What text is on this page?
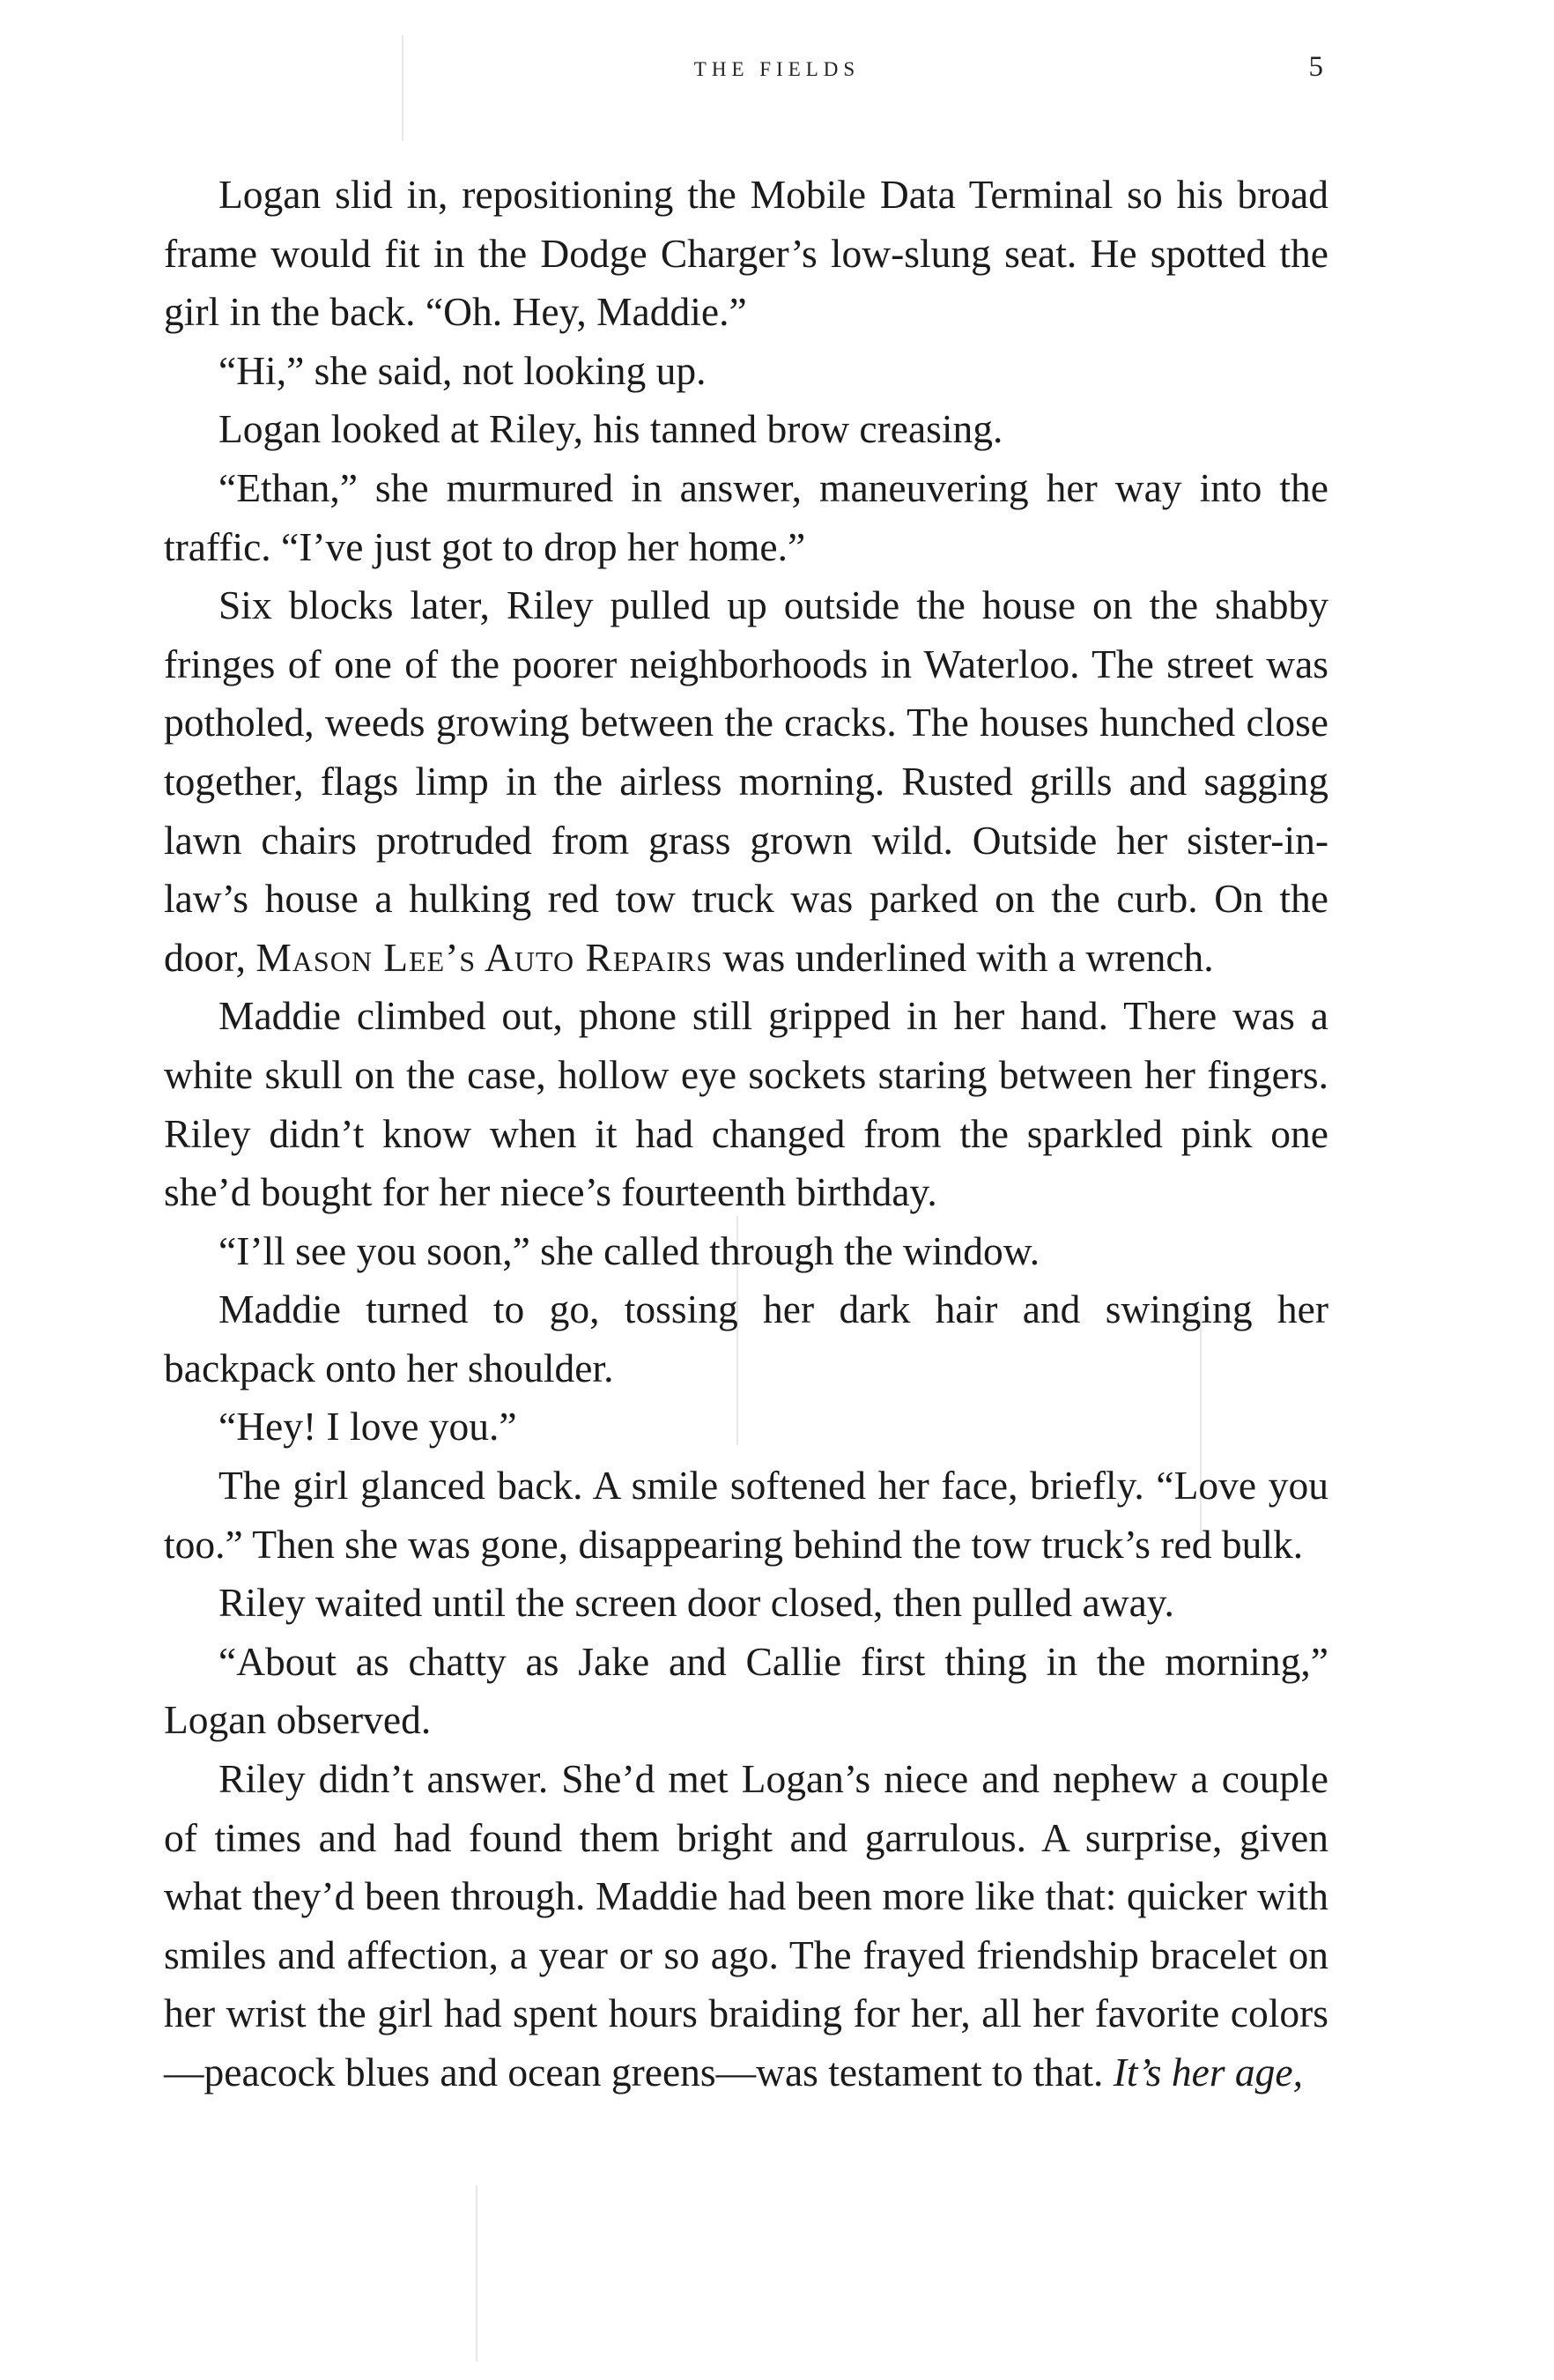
THE FIELDS	5

Logan slid in, repositioning the Mobile Data Terminal so his broad frame would fit in the Dodge Charger’s low-slung seat. He spotted the girl in the back. “Oh. Hey, Maddie.”

“Hi,” she said, not looking up.

Logan looked at Riley, his tanned brow creasing.

“Ethan,” she murmured in answer, maneuvering her way into the traffic. “I’ve just got to drop her home.”

Six blocks later, Riley pulled up outside the house on the shabby fringes of one of the poorer neighborhoods in Waterloo. The street was potholed, weeds growing between the cracks. The houses hunched close together, flags limp in the airless morning. Rusted grills and sagging lawn chairs protruded from grass grown wild. Outside her sister-in-law’s house a hulking red tow truck was parked on the curb. On the door, Mason Lee’s Auto Repairs was underlined with a wrench.

Maddie climbed out, phone still gripped in her hand. There was a white skull on the case, hollow eye sockets staring between her fingers. Riley didn’t know when it had changed from the sparkled pink one she’d bought for her niece’s fourteenth birthday.

“I’ll see you soon,” she called through the window.

Maddie turned to go, tossing her dark hair and swinging her backpack onto her shoulder.

“Hey! I love you.”

The girl glanced back. A smile softened her face, briefly. “Love you too.” Then she was gone, disappearing behind the tow truck’s red bulk.

Riley waited until the screen door closed, then pulled away.

“About as chatty as Jake and Callie first thing in the morning,” Logan observed.

Riley didn’t answer. She’d met Logan’s niece and nephew a couple of times and had found them bright and garrulous. A surprise, given what they’d been through. Maddie had been more like that: quicker with smiles and affection, a year or so ago. The frayed friendship bracelet on her wrist the girl had spent hours braiding for her, all her favorite colors—peacock blues and ocean greens—was testament to that. It’s her age,
